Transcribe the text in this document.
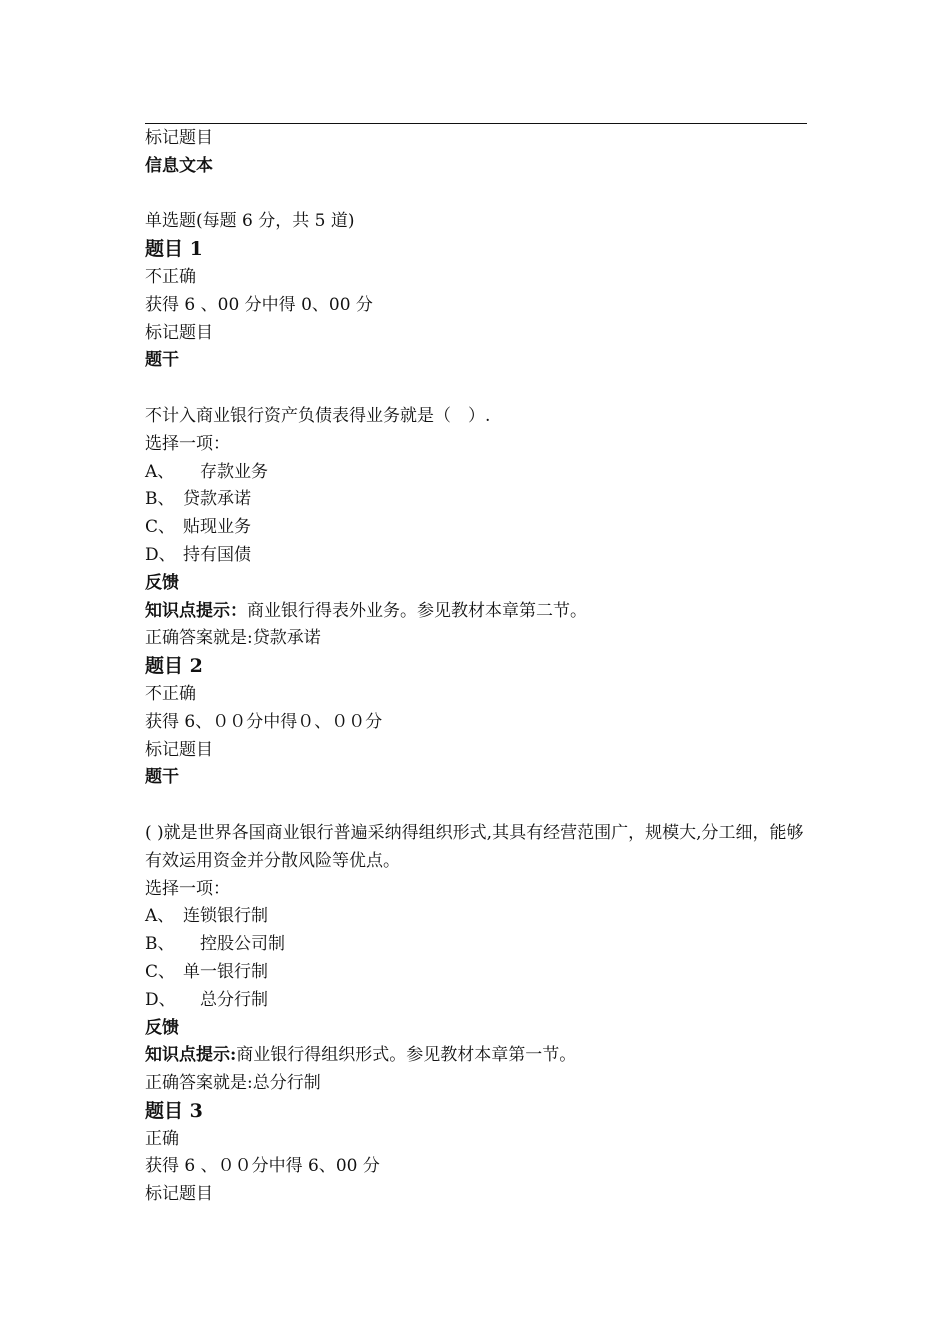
标记题目

信息文本

单选题(每题 6 分，共 5 道)

题目 1

不正确

获得 6 、00 分中得 0、00 分

标记题目

题干

不计入商业银行资产负债表得业务就是（　）.

选择一项：

A、 　存款业务

B、 贷款承诺

C、 贴现业务

D、 持有国债

反馈

知识点提示：商业银行得表外业务。参见教材本章第二节。

正确答案就是:贷款承诺

题目 2

不正确

获得 6、００分中得０、００分

标记题目

题干

( )就是世界各国商业银行普遍采纳得组织形式,其具有经营范围广，规模大,分工细，能够有效运用资金并分散风险等优点。

选择一项：

A、 连锁银行制

B、 　控股公司制

C、 单一银行制

D、 　总分行制

反馈

知识点提示:商业银行得组织形式。参见教材本章第一节。

正确答案就是:总分行制

题目 3

正确

获得 6 、００分中得 6、00 分

标记题目
